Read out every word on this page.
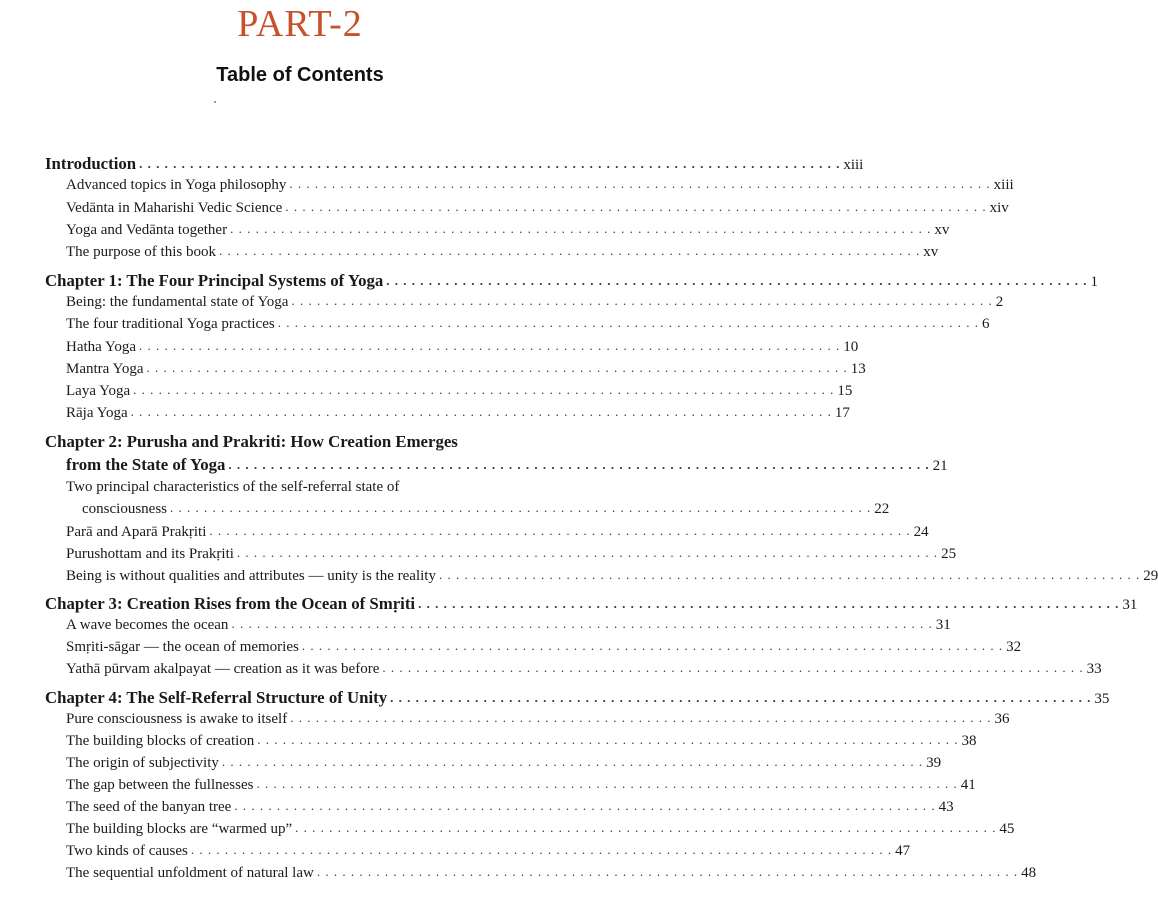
PART-2
Table of Contents
Introduction . . . . . . . . . . . . . . . . . . . . . . . . . . . . . . . . . . . . . . . . . . . . . . . . . . . . . . . . . . . . . . . . . . . . . . . . . . . . . . . . . . . xiii
Advanced topics in Yoga philosophy . . . . . . . . . . . . . . . . . . . . . . . . . . . . . . . . . . . . . . . . . . . . . . . . . . . . . . . . . . . . . . . . . . . . . . . . . . . . . . . . . . . xiii
Vedānta in Maharishi Vedic Science . . . . . . . . . . . . . . . . . . . . . . . . . . . . . . . . . . . . . . . . . . . . . . . . . . . . . . . . . . . . . . . . . . . . . . . . . . . . . . . . . . . xiv
Yoga and Vedānta together . . . . . . . . . . . . . . . . . . . . . . . . . . . . . . . . . . . . . . . . . . . . . . . . . . . . . . . . . . . . . . . . . . . . . . . . . . . . . . . . . . . xv
The purpose of this book . . . . . . . . . . . . . . . . . . . . . . . . . . . . . . . . . . . . . . . . . . . . . . . . . . . . . . . . . . . . . . . . . . . . . . . . . . . . . . . . . . . xv
Chapter 1: The Four Principal Systems of Yoga . . . . . . . . . . . . . . . . . . . . . . . . . . . . . . . . . . . . . . . . . . . . . . . . . . . . . . . . . . . . . . . . . . . . . . . . . . . . . . . . . . . 1
Being: the fundamental state of Yoga . . . . . . . . . . . . . . . . . . . . . . . . . . . . . . . . . . . . . . . . . . . . . . . . . . . . . . . . . . . . . . . . . . . . . . . . . . . . . . . . . . . 2
The four traditional Yoga practices . . . . . . . . . . . . . . . . . . . . . . . . . . . . . . . . . . . . . . . . . . . . . . . . . . . . . . . . . . . . . . . . . . . . . . . . . . . . . . . . . . . 6
Hatha Yoga . . . . . . . . . . . . . . . . . . . . . . . . . . . . . . . . . . . . . . . . . . . . . . . . . . . . . . . . . . . . . . . . . . . . . . . . . . . . . . . . . . . 10
Mantra Yoga . . . . . . . . . . . . . . . . . . . . . . . . . . . . . . . . . . . . . . . . . . . . . . . . . . . . . . . . . . . . . . . . . . . . . . . . . . . . . . . . . . . 13
Laya Yoga . . . . . . . . . . . . . . . . . . . . . . . . . . . . . . . . . . . . . . . . . . . . . . . . . . . . . . . . . . . . . . . . . . . . . . . . . . . . . . . . . . . 15
Rāja Yoga . . . . . . . . . . . . . . . . . . . . . . . . . . . . . . . . . . . . . . . . . . . . . . . . . . . . . . . . . . . . . . . . . . . . . . . . . . . . . . . . . . . 17
Chapter 2: Purusha and Prakriti: How Creation Emerges
from the State of Yoga . . . . . . . . . . . . . . . . . . . . . . . . . . . . . . . . . . . . . . . . . . . . . . . . . . . . . . . . . . . . . . . . . . . . . . . . . . . . . . . . . . . 21
Two principal characteristics of the self-referral state of
consciousness . . . . . . . . . . . . . . . . . . . . . . . . . . . . . . . . . . . . . . . . . . . . . . . . . . . . . . . . . . . . . . . . . . . . . . . . . . . . . . . . . . . 22
Parā and Aparā Prakṛiti . . . . . . . . . . . . . . . . . . . . . . . . . . . . . . . . . . . . . . . . . . . . . . . . . . . . . . . . . . . . . . . . . . . . . . . . . . . . . . . . . . . 24
Purushottam and its Prakṛiti . . . . . . . . . . . . . . . . . . . . . . . . . . . . . . . . . . . . . . . . . . . . . . . . . . . . . . . . . . . . . . . . . . . . . . . . . . . . . . . . . . . 25
Being is without qualities and attributes — unity is the reality . . . . . . . . . . . . . . . . . . . . . . . . . . . . . . . . . . . . . . . . . . . . . . . . . . . . . . . . . . . . . . . . . . . . . . . . . . . . . . . . . . . 29
Chapter 3: Creation Rises from the Ocean of Smṛiti . . . . . . . . . . . . . . . . . . . . . . . . . . . . . . . . . . . . . . . . . . . . . . . . . . . . . . . . . . . . . . . . . . . . . . . . . . . . . . . . . . . 31
A wave becomes the ocean . . . . . . . . . . . . . . . . . . . . . . . . . . . . . . . . . . . . . . . . . . . . . . . . . . . . . . . . . . . . . . . . . . . . . . . . . . . . . . . . . . . 31
Smṛiti-sāgar — the ocean of memories . . . . . . . . . . . . . . . . . . . . . . . . . . . . . . . . . . . . . . . . . . . . . . . . . . . . . . . . . . . . . . . . . . . . . . . . . . . . . . . . . . . 32
Yathā pūrvam akalpayat — creation as it was before . . . . . . . . . . . . . . . . . . . . . . . . . . . . . . . . . . . . . . . . . . . . . . . . . . . . . . . . . . . . . . . . . . . . . . . . . . . . . . . . . . . 33
Chapter 4: The Self-Referral Structure of Unity . . . . . . . . . . . . . . . . . . . . . . . . . . . . . . . . . . . . . . . . . . . . . . . . . . . . . . . . . . . . . . . . . . . . . . . . . . . . . . . . . . . 35
Pure consciousness is awake to itself . . . . . . . . . . . . . . . . . . . . . . . . . . . . . . . . . . . . . . . . . . . . . . . . . . . . . . . . . . . . . . . . . . . . . . . . . . . . . . . . . . . 36
The building blocks of creation . . . . . . . . . . . . . . . . . . . . . . . . . . . . . . . . . . . . . . . . . . . . . . . . . . . . . . . . . . . . . . . . . . . . . . . . . . . . . . . . . . . 38
The origin of subjectivity . . . . . . . . . . . . . . . . . . . . . . . . . . . . . . . . . . . . . . . . . . . . . . . . . . . . . . . . . . . . . . . . . . . . . . . . . . . . . . . . . . . 39
The gap between the fullnesses . . . . . . . . . . . . . . . . . . . . . . . . . . . . . . . . . . . . . . . . . . . . . . . . . . . . . . . . . . . . . . . . . . . . . . . . . . . . . . . . . . . 41
The seed of the banyan tree . . . . . . . . . . . . . . . . . . . . . . . . . . . . . . . . . . . . . . . . . . . . . . . . . . . . . . . . . . . . . . . . . . . . . . . . . . . . . . . . . . . 43
The building blocks are “warmed up” . . . . . . . . . . . . . . . . . . . . . . . . . . . . . . . . . . . . . . . . . . . . . . . . . . . . . . . . . . . . . . . . . . . . . . . . . . . . . . . . . . . 45
Two kinds of causes . . . . . . . . . . . . . . . . . . . . . . . . . . . . . . . . . . . . . . . . . . . . . . . . . . . . . . . . . . . . . . . . . . . . . . . . . . . . . . . . . . . 47
The sequential unfoldment of natural law . . . . . . . . . . . . . . . . . . . . . . . . . . . . . . . . . . . . . . . . . . . . . . . . . . . . . . . . . . . . . . . . . . . . . . . . . . . . . . . . . . . 48
